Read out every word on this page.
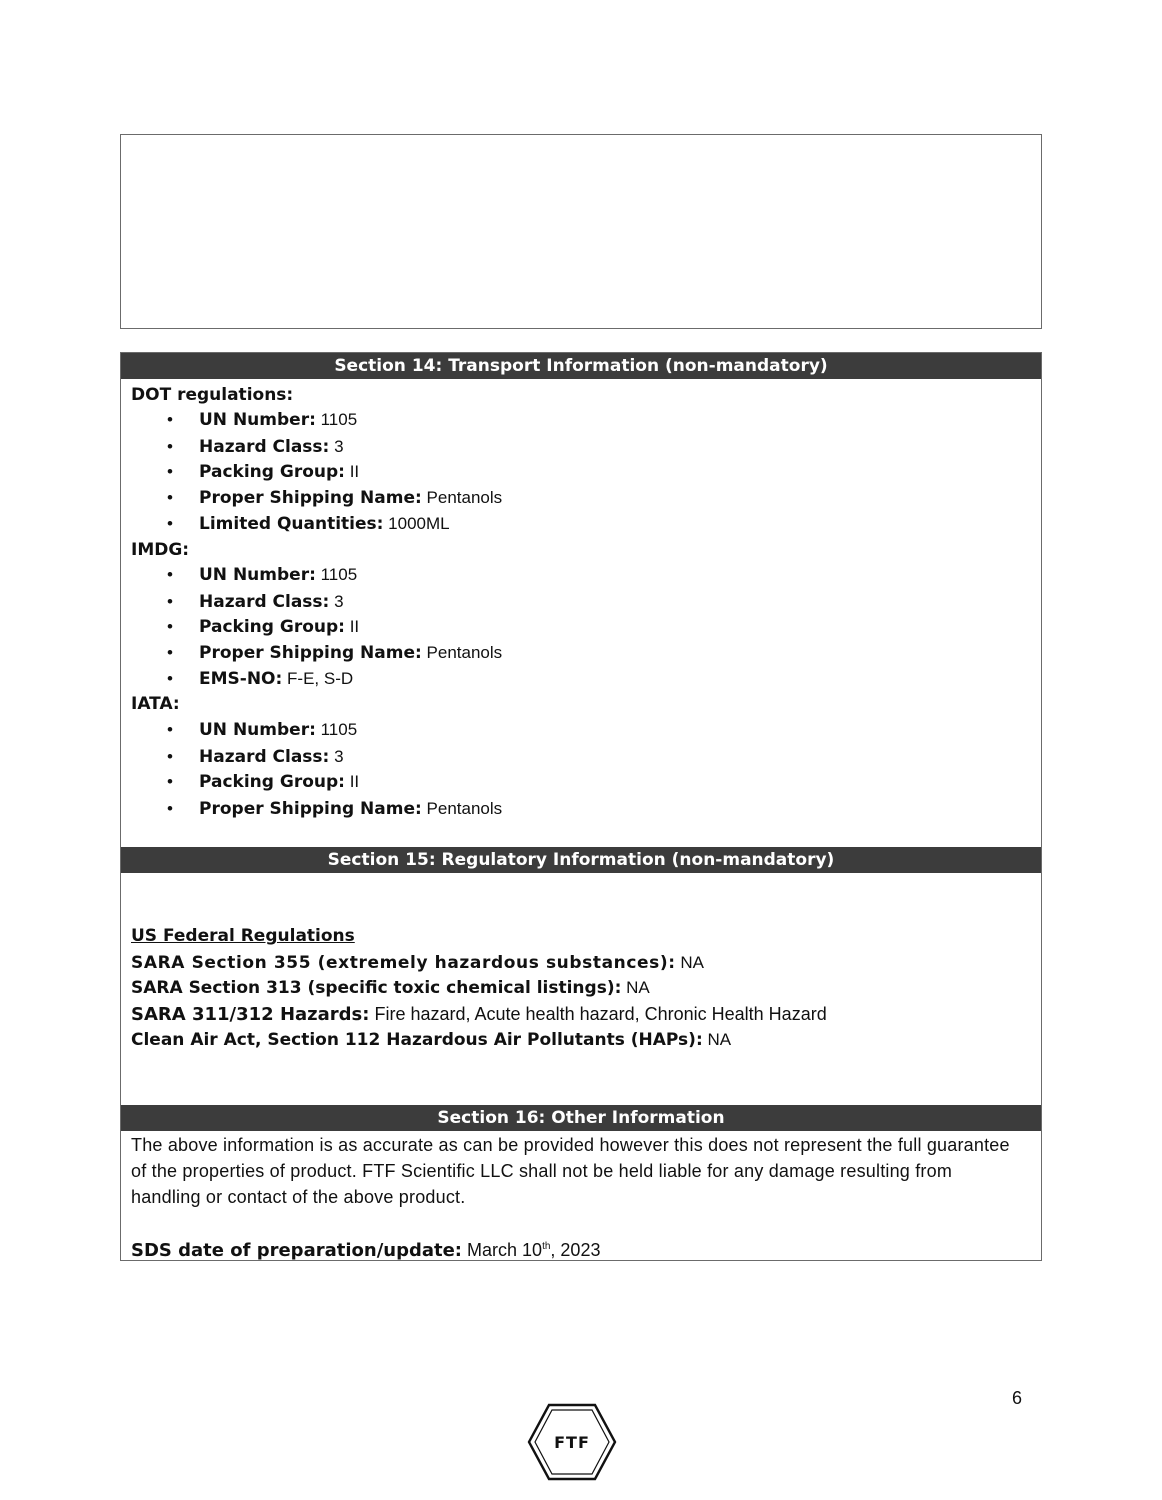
Section 14: Transport Information (non-mandatory)
DOT regulations:
• UN Number: 1105
• Hazard Class: 3
• Packing Group: II
• Proper Shipping Name: Pentanols
• Limited Quantities: 1000ML
IMDG:
• UN Number: 1105
• Hazard Class: 3
• Packing Group: II
• Proper Shipping Name: Pentanols
• EMS-NO: F-E, S-D
IATA:
• UN Number: 1105
• Hazard Class: 3
• Packing Group: II
• Proper Shipping Name: Pentanols
Section 15: Regulatory Information (non-mandatory)
US Federal Regulations
SARA Section 355 (extremely hazardous substances): NA
SARA Section 313 (specific toxic chemical listings): NA
SARA 311/312 Hazards: Fire hazard, Acute health hazard, Chronic Health Hazard
Clean Air Act, Section 112 Hazardous Air Pollutants (HAPs): NA
Section 16: Other Information
The above information is as accurate as can be provided however this does not represent the full guarantee of the properties of product. FTF Scientific LLC shall not be held liable for any damage resulting from handling or contact of the above product.
SDS date of preparation/update: March 10th, 2023
6
FTF
